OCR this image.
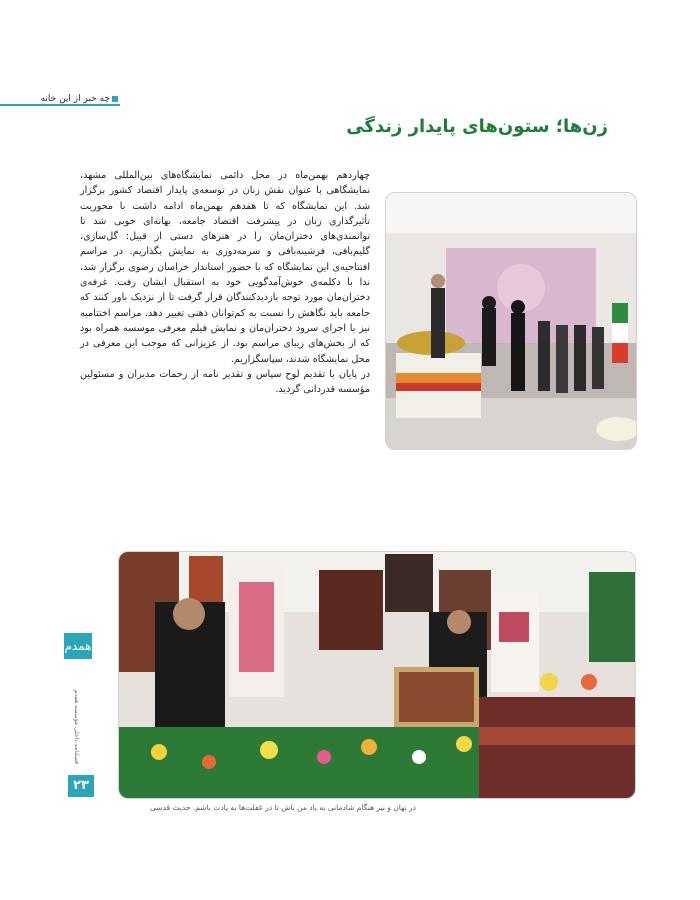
چه خبر از این خانه
زن‌ها؛ ستون‌های پایدار زندگی

چهاردهم بهمن‌ماه در محل دائمی نمایشگاه‌های بین‌المللی مشهد، نمایشگاهی با عنوان نقش زنان در توسعه‌ی پایدار اقتصاد کشور برگزار شد. این نمایشگاه که تا هفدهم بهمن‌ماه ادامه داشت با محوریت تأثیرگذاری زنان در پیشرفت اقتصاد جامعه، بهانه‌ای خوبی شد تا توانمندی‌های دختران‌مان را در هنرهای دستی از قبیل: گل‌سازی، گلیم‌بافی، فرشینه‌بافی و سرمه‌دوزی به نمایش بگذاریم. در مراسم افتتاحیه‌ی این نمایشگاه که با حضور استاندار خراسان رضوی برگزار شد، ندا با دکلمه‌ی خوش‌آمدگویی خود به استقبال ایشان رفت. غرفه‌ی دختران‌مان مورد توجه بازدیدکنندگان قرار گرفت تا از نزدیک باور کنند که جامعه باید نگاهش را نسبت به کم‌توانان ذهنی تغییر دهد. مراسم اختتامیه نیز با اجرای سرود دختران‌مان و نمایش فیلم معرفی موسسه همراه بود که از بخش‌های زیبای مراسم بود. از عزیزانی که موجب این معرفی در محل نمایشگاه شدند، سپاسگزاریم.

در پایان با تقدیم لوح سپاس و تقدیر نامه از زحمات مدیران و مسئولین مؤسسه قدردانی گردید.

در نهان و نیز هنگام شادمانی به یاد من باش تا در غفلت‌ها به یادت باشم. حدیث قدسی
همدم
فصلنامه داخلی مؤسسه همدم
۲۳
